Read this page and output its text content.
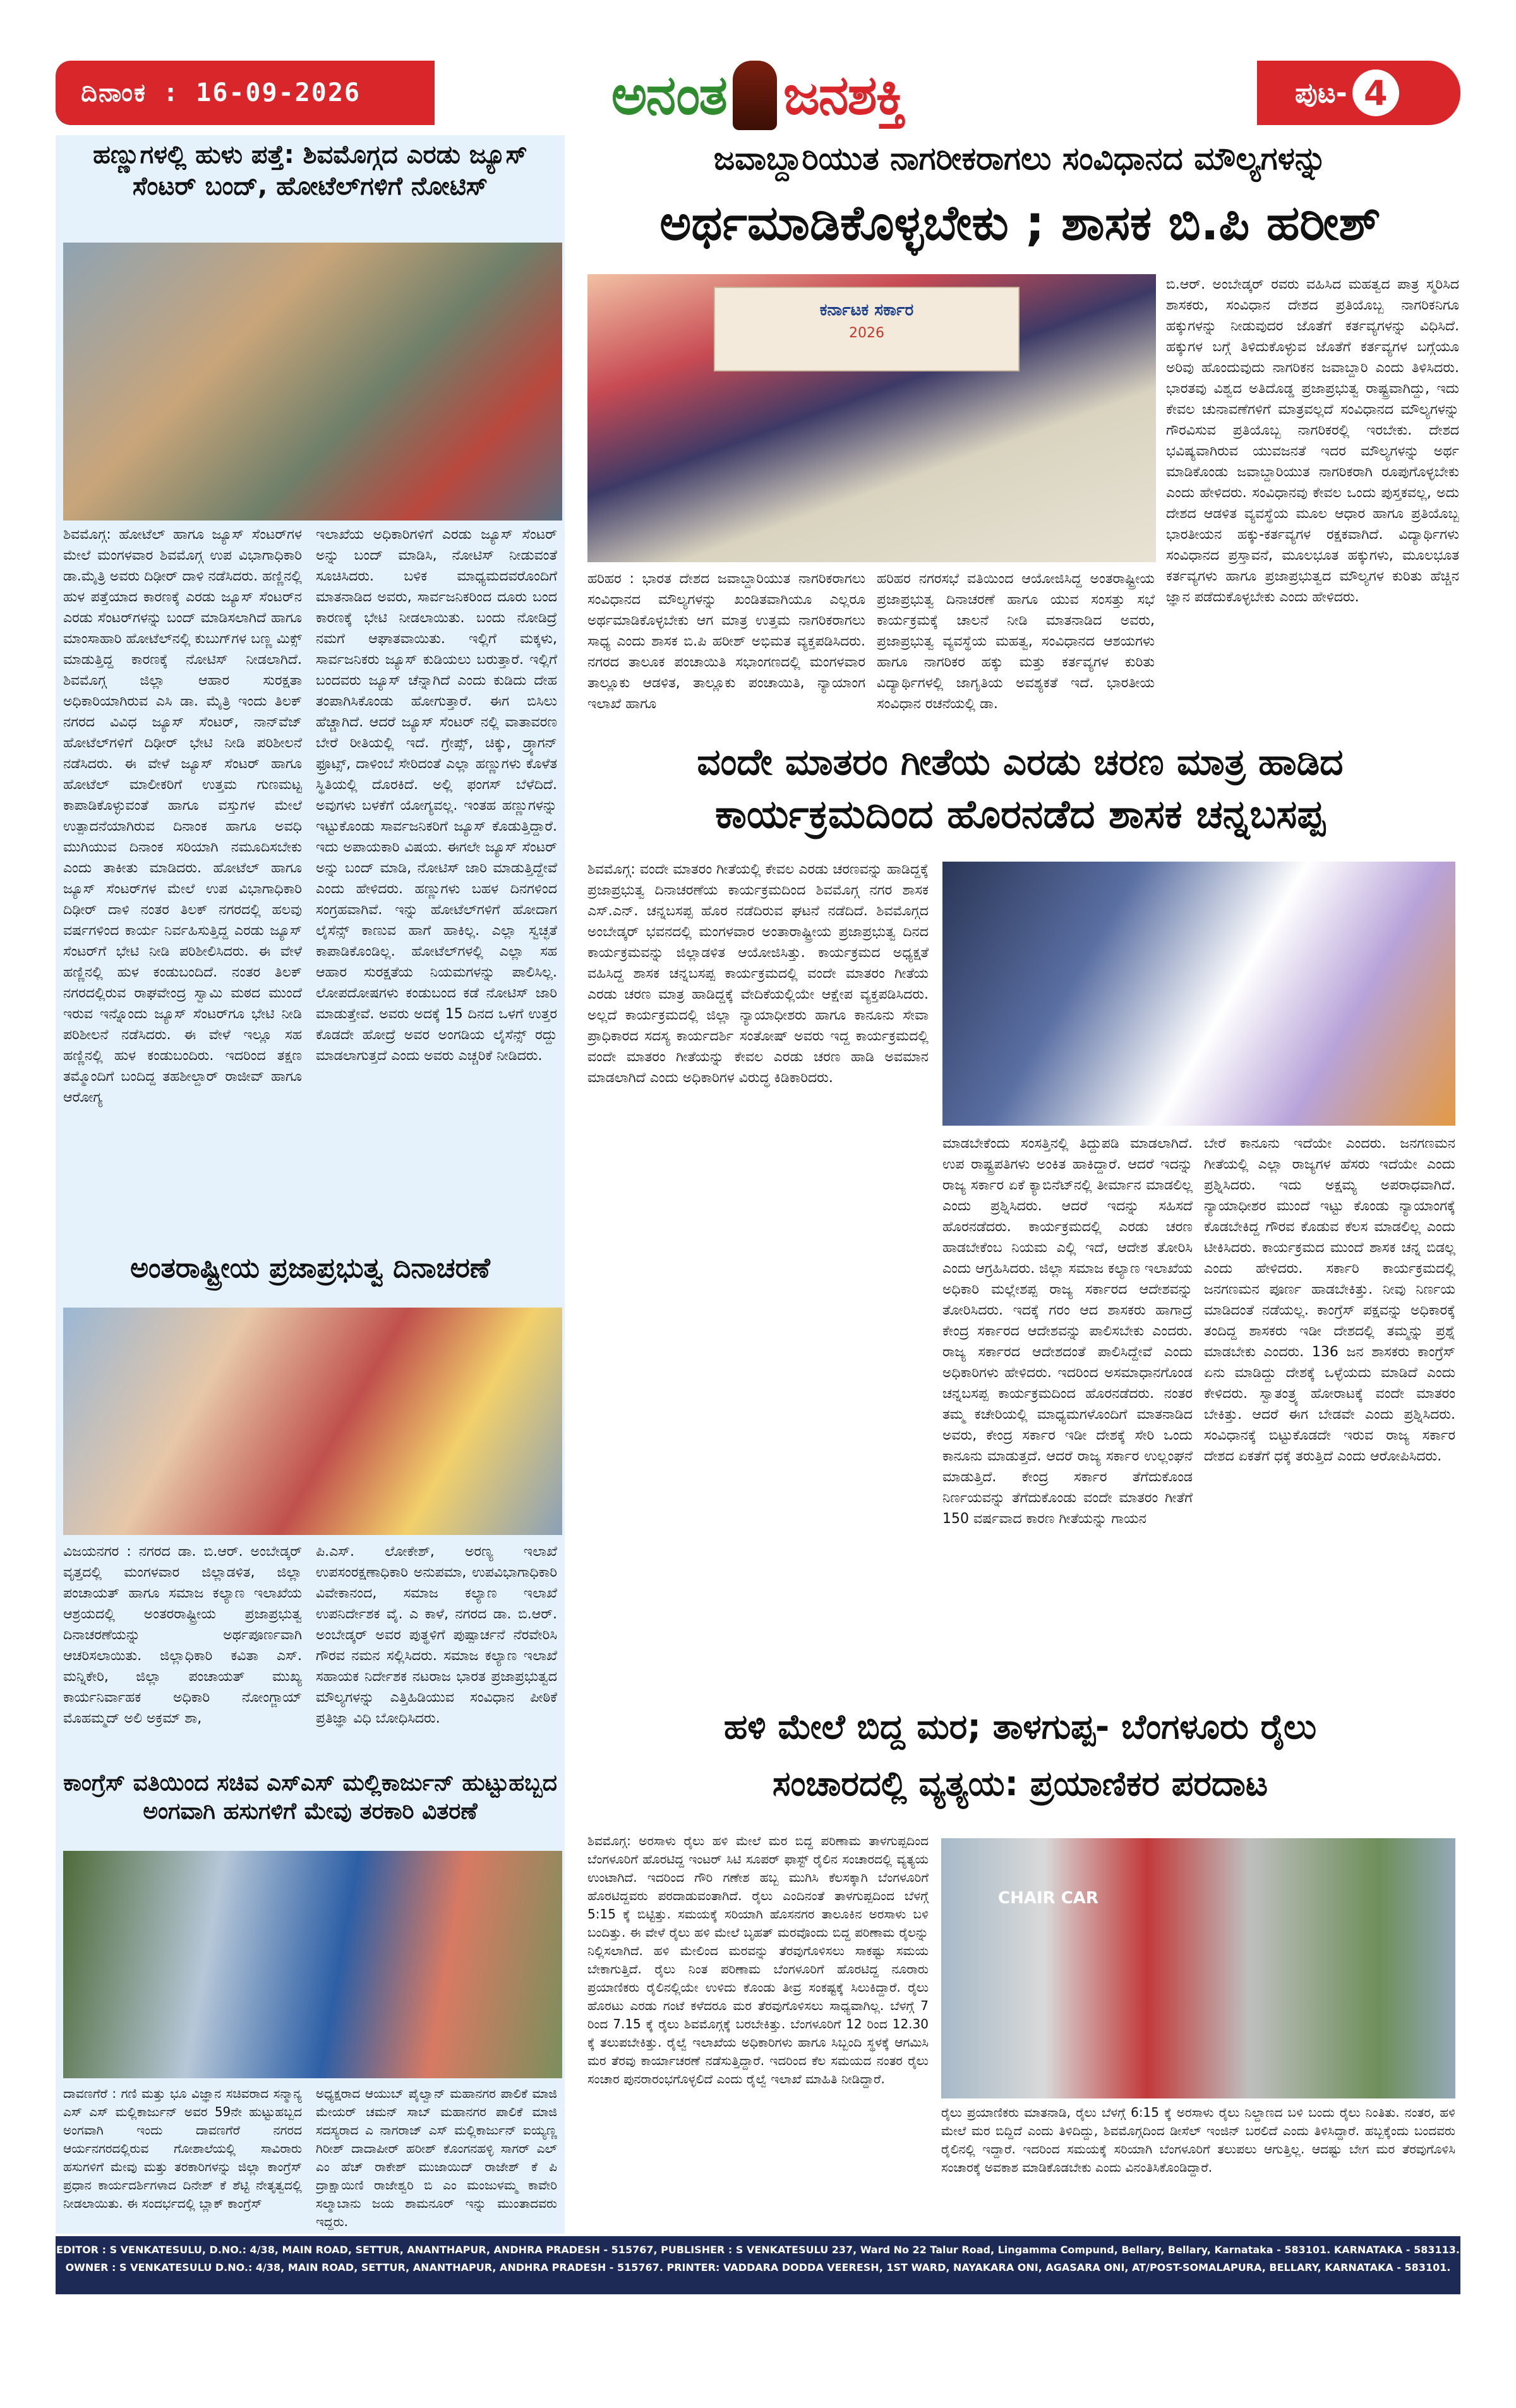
ದಿನಾಂಕ : 16-09-2026	ಅನಂತ ಜನಶಕ್ತಿ	ಪುಟ- 4
ಹಣ್ಣುಗಳಲ್ಲಿ ಹುಳು ಪತ್ತೆ: ಶಿವಮೊಗ್ಗದ ಎರಡು ಜ್ಯೂಸ್ ಸೆಂಟರ್ ಬಂದ್, ಹೋಟೆಲ್‌ಗಳಿಗೆ ನೋಟಿಸ್
ಶಿವಮೊಗ್ಗ: ಹೋಟೆಲ್ ಹಾಗೂ ಜ್ಯೂಸ್ ಸೆಂಟರ್‌ಗಳ ಮೇಲೆ ಮಂಗಳವಾರ ಶಿವಮೊಗ್ಗ ಉಪ ವಿಭಾಗಾಧಿಕಾರಿ ಡಾ.ಮೈತ್ರಿ ಅವರು ದಿಢೀರ್ ದಾಳಿ ನಡೆಸಿದರು. ಹಣ್ಣಿನಲ್ಲಿ ಹುಳ ಪತ್ತೆಯಾದ ಕಾರಣಕ್ಕೆ ಎರಡು ಜ್ಯೂಸ್ ಸೆಂಟರ್‌ನ ಎರಡು ಸೆಂಟರ್‌ಗಳನ್ನು ಬಂದ್ ಮಾಡಿಸಲಾಗಿದೆ ಹಾಗೂ ಮಾಂಸಾಹಾರಿ ಹೋಟೆಲ್‌ನಲ್ಲಿ ಕುಬುಗ್‌ಗಳ ಬಣ್ಣ ಮಿಕ್ಸ್ ಮಾಡುತ್ತಿದ್ದ ಕಾರಣಕ್ಕೆ ನೋಟಿಸ್ ನೀಡಲಾಗಿದೆ. ಶಿವಮೊಗ್ಗ ಜಿಲ್ಲಾ ಆಹಾರ ಸುರಕ್ಷತಾ ಅಧಿಕಾರಿಯಾಗಿರುವ ಎಸಿ ಡಾ. ಮೈತ್ರಿ ಇಂದು ತಿಲಕ್ ನಗರದ ವಿವಿಧ ಜ್ಯೂಸ್ ಸೆಂಟರ್, ನಾನ್‌ವೆಜ್ ಹೋಟೆಲ್‌ಗಳಿಗೆ ದಿಢೀರ್ ಭೇಟಿ ನೀಡಿ ಪರಿಶೀಲನೆ ನಡೆಸಿದರು. ಈ ವೇಳೆ ಜ್ಯೂಸ್ ಸೆಂಟರ್ ಹಾಗೂ ಹೋಟೆಲ್ ಮಾಲೀಕರಿಗೆ ಉತ್ತಮ ಗುಣಮಟ್ಟ ಕಾಪಾಡಿಕೊಳ್ಳುವಂತೆ ಹಾಗೂ ವಸ್ತುಗಳ ಮೇಲೆ ಉತ್ಪಾದನೆಯಾಗಿರುವ ದಿನಾಂಕ ಹಾಗೂ ಅವಧಿ ಮುಗಿಯುವ ದಿನಾಂಕ ಸರಿಯಾಗಿ ನಮೂದಿಸಬೇಕು ಎಂದು ತಾಕೀತು ಮಾಡಿದರು. ಹೋಟೆಲ್ ಹಾಗೂ ಜ್ಯೂಸ್ ಸೆಂಟರ್‌ಗಳ ಮೇಲೆ ಉಪ ವಿಭಾಗಾಧಿಕಾರಿ ದಿಢೀರ್ ದಾಳಿ ನಂತರ ತಿಲಕ್ ನಗರದಲ್ಲಿ ಹಲವು ವರ್ಷಗಳಿಂದ ಕಾರ್ಯ ನಿರ್ವಹಿಸುತ್ತಿದ್ದ ಎರಡು ಜ್ಯೂಸ್ ಸೆಂಟರ್‌ಗೆ ಭೇಟಿ ನೀಡಿ ಪರಿಶೀಲಿಸಿದರು. ಈ ವೇಳೆ ಹಣ್ಣಿನಲ್ಲಿ ಹುಳ ಕಂಡುಬಂದಿದೆ. ನಂತರ ತಿಲಕ್ ನಗರದಲ್ಲಿರುವ ರಾಘವೇಂದ್ರ ಸ್ವಾಮಿ ಮಠದ ಮುಂದೆ ಇರುವ ಇನ್ನೊಂದು ಜ್ಯೂಸ್ ಸೆಂಟರ್‌ಗೂ ಭೇಟಿ ನೀಡಿ ಪರಿಶೀಲನೆ ನಡೆಸಿದರು. ಈ ವೇಳೆ ಇಲ್ಲೂ ಸಹ ಹಣ್ಣಿನಲ್ಲಿ ಹುಳ ಕಂಡುಬಂದಿರು. ಇದರಿಂದ ತಕ್ಷಣ ತಮ್ಮೊಂದಿಗೆ ಬಂದಿದ್ದ ತಹಶೀಲ್ದಾರ್ ರಾಜೀವ್ ಹಾಗೂ ಆರೋಗ್ಯ
ಇಲಾಖೆಯ ಅಧಿಕಾರಿಗಳಿಗೆ ಎರಡು ಜ್ಯೂಸ್ ಸೆಂಟರ್ ಅನ್ನು ಬಂದ್ ಮಾಡಿಸಿ, ನೋಟಿಸ್ ನೀಡುವಂತೆ ಸೂಚಿಸಿದರು. ಬಳಿಕ ಮಾಧ್ಯಮದವರೊಂದಿಗೆ ಮಾತನಾಡಿದ ಅವರು, ಸಾರ್ವಜನಿಕರಿಂದ ದೂರು ಬಂದ ಕಾರಣಕ್ಕೆ ಭೇಟಿ ನೀಡಲಾಯಿತು. ಬಂದು ನೋಡಿದ್ರೆ ನಮಗೆ ಆಘಾತವಾಯಿತು. ಇಲ್ಲಿಗೆ ಮಕ್ಕಳು, ಸಾರ್ವಜನಿಕರು ಜ್ಯೂಸ್ ಕುಡಿಯಲು ಬರುತ್ತಾರೆ. ಇಲ್ಲಿಗೆ ಬಂದವರು ಜ್ಯೂಸ್ ಚೆನ್ನಾಗಿದೆ ಎಂದು ಕುಡಿದು ದೇಹ ತಂಪಾಗಿಸಿಕೊಂಡು ಹೋಗುತ್ತಾರೆ. ಈಗ ಬಿಸಿಲು ಹೆಚ್ಚಾಗಿದೆ. ಆದರೆ ಜ್ಯೂಸ್ ಸೆಂಟರ್ ನಲ್ಲಿ ವಾತಾವರಣ ಬೇರೆ ರೀತಿಯಲ್ಲಿ ಇದೆ. ಗ್ರೇಪ್ಸ್, ಚಿಕ್ಕು, ಡ್ರ್ಯಾಗನ್ ಫ್ರೂಟ್ಸ್, ದಾಳಿಂಬೆ ಸೇರಿದಂತೆ ಎಲ್ಲಾ ಹಣ್ಣುಗಳು ಕೊಳೆತ ಸ್ಥಿತಿಯಲ್ಲಿ ದೊರಕಿದೆ. ಅಲ್ಲಿ ಫಂಗಸ್ ಬೆಳೆದಿದೆ. ಅವುಗಳು ಬಳಕೆಗೆ ಯೋಗ್ಯವಲ್ಲ. ಇಂತಹ ಹಣ್ಣುಗಳನ್ನು ಇಟ್ಟುಕೊಂಡು ಸಾರ್ವಜನಿಕರಿಗೆ ಜ್ಯೂಸ್ ಕೊಡುತ್ತಿದ್ದಾರೆ. ಇದು ಅಪಾಯಕಾರಿ ವಿಷಯ. ಈಗಲೇ ಜ್ಯೂಸ್ ಸೆಂಟರ್ ಅನ್ನು ಬಂದ್ ಮಾಡಿ, ನೋಟಿಸ್ ಜಾರಿ ಮಾಡುತ್ತಿದ್ದೇವೆ ಎಂದು ಹೇಳಿದರು. ಹಣ್ಣುಗಳು ಬಹಳ ದಿನಗಳಿಂದ ಸಂಗ್ರಹವಾಗಿವೆ. ಇನ್ನು ಹೋಟೆಲ್‌ಗಳಿಗೆ ಹೋದಾಗ ಲೈಸೆನ್ಸ್ ಕಾಣುವ ಹಾಗೆ ಹಾಕಿಲ್ಲ. ಎಲ್ಲಾ ಸ್ವಚ್ಛತೆ ಕಾಪಾಡಿಕೊಂಡಿಲ್ಲ. ಹೋಟೆಲ್‌ಗಳಲ್ಲಿ ಎಲ್ಲಾ ಸಹ ಆಹಾರ ಸುರಕ್ಷತೆಯ ನಿಯಮಗಳನ್ನು ಪಾಲಿಸಿಲ್ಲ. ಲೋಪದೋಷಗಳು ಕಂಡುಬಂದ ಕಡೆ ನೋಟಿಸ್ ಜಾರಿ ಮಾಡುತ್ತೇವೆ. ಅವರು ಅದಕ್ಕೆ 15 ದಿನದ ಒಳಗೆ ಉತ್ತರ ಕೊಡದೇ ಹೋದ್ರೆ ಅವರ ಅಂಗಡಿಯ ಲೈಸೆನ್ಸ್ ರದ್ದು ಮಾಡಲಾಗುತ್ತದೆ ಎಂದು ಅವರು ಎಚ್ಚರಿಕೆ ನೀಡಿದರು.
ಅಂತರಾಷ್ಟ್ರೀಯ ಪ್ರಜಾಪ್ರಭುತ್ವ ದಿನಾಚರಣೆ
ವಿಜಯನಗರ : ನಗರದ ಡಾ. ಬಿ.ಆರ್. ಅಂಬೇಡ್ಕರ್ ವೃತ್ತದಲ್ಲಿ ಮಂಗಳವಾರ ಜಿಲ್ಲಾಡಳಿತ, ಜಿಲ್ಲಾ ಪಂಚಾಯತ್ ಹಾಗೂ ಸಮಾಜ ಕಲ್ಯಾಣ ಇಲಾಖೆಯ ಆಶ್ರಯದಲ್ಲಿ ಅಂತರರಾಷ್ಟ್ರೀಯ ಪ್ರಜಾಪ್ರಭುತ್ವ ದಿನಾಚರಣೆಯನ್ನು ಅರ್ಥಪೂರ್ಣವಾಗಿ ಆಚರಿಸಲಾಯಿತು. ಜಿಲ್ಲಾಧಿಕಾರಿ ಕವಿತಾ ಎಸ್. ಮನ್ನಿಕೇರಿ, ಜಿಲ್ಲಾ ಪಂಚಾಯತ್ ಮುಖ್ಯ ಕಾರ್ಯನಿರ್ವಾಹಕ ಅಧಿಕಾರಿ ನೋಂಗ್ಜಾಯ್ ಮೊಹಮ್ಮದ್ ಅಲಿ ಅಕ್ರಮ್ ಶಾ,
ಪಿ.ಎಸ್. ಲೋಕೇಶ್, ಅರಣ್ಯ ಇಲಾಖೆ ಉಪಸಂರಕ್ಷಣಾಧಿಕಾರಿ ಅನುಪಮಾ, ಉಪವಿಭಾಗಾಧಿಕಾರಿ ವಿವೇಕಾನಂದ, ಸಮಾಜ ಕಲ್ಯಾಣ ಇಲಾಖೆ ಉಪನಿರ್ದೇಶಕ ವೈ. ಎ ಕಾಳೆ, ನಗರದ ಡಾ. ಬಿ.ಆರ್. ಅಂಬೇಡ್ಕರ್ ಅವರ ಪುತ್ಥಳಿಗೆ ಪುಷ್ಪಾರ್ಚನೆ ನೆರವೇರಿಸಿ ಗೌರವ ನಮನ ಸಲ್ಲಿಸಿದರು. ಸಮಾಜ ಕಲ್ಯಾಣ ಇಲಾಖೆ ಸಹಾಯಕ ನಿರ್ದೇಶಕ ನಟರಾಜ ಭಾರತ ಪ್ರಜಾಪ್ರಭುತ್ವದ ಮೌಲ್ಯಗಳನ್ನು ಎತ್ತಿಹಿಡಿಯುವ ಸಂವಿಧಾನ ಪೀಠಿಕೆ ಪ್ರತಿಜ್ಞಾ ವಿಧಿ ಬೋಧಿಸಿದರು.
ಕಾಂಗ್ರೆಸ್ ವತಿಯಿಂದ ಸಚಿವ ಎಸ್‌ಎಸ್ ಮಲ್ಲಿಕಾರ್ಜುನ್ ಹುಟ್ಟುಹಬ್ಬದ ಅಂಗವಾಗಿ ಹಸುಗಳಿಗೆ ಮೇವು ತರಕಾರಿ ವಿತರಣೆ
ದಾವಣಗೆರೆ : ಗಣಿ ಮತ್ತು ಭೂ ವಿಜ್ಞಾನ ಸಚಿವರಾದ ಸನ್ಮಾನ್ಯ ಎಸ್ ಎಸ್ ಮಲ್ಲಿಕಾರ್ಜುನ್ ಅವರ 59ನೇ ಹುಟ್ಟುಹಬ್ಬದ ಅಂಗವಾಗಿ ಇಂದು ದಾವಣಗೆರೆ ನಗರದ ಆರ್ಯನಗರದಲ್ಲಿರುವ ಗೋಶಾಲೆಯಲ್ಲಿ ಸಾವಿರಾರು ಹಸುಗಳಿಗೆ ಮೇವು ಮತ್ತು ತರಕಾರಿಗಳನ್ನು ಜಿಲ್ಲಾ ಕಾಂಗ್ರೆಸ್ ಪ್ರಧಾನ ಕಾರ್ಯದರ್ಶಿಗಳಾದ ದಿನೇಶ್ ಕೆ ಶೆಟ್ಟಿ ನೇತೃತ್ವದಲ್ಲಿ ನೀಡಲಾಯಿತು. ಈ ಸಂದರ್ಭದಲ್ಲಿ ಬ್ಲಾಕ್ ಕಾಂಗ್ರೆಸ್
ಅಧ್ಯಕ್ಷರಾದ ಆಯುಬ್ ಪೈಲ್ವಾನ್ ಮಹಾನಗರ ಪಾಲಿಕೆ ಮಾಜಿ ಮೇಯರ್ ಚಮನ್ ಸಾಬ್ ಮಹಾನಗರ ಪಾಲಿಕೆ ಮಾಜಿ ಸದಸ್ಯರಾದ ಎ ನಾಗರಾಜ್ ಎಸ್ ಮಲ್ಲಿಕಾರ್ಜುನ್ ಐಯ್ಯಣ್ಣ ಗಿರೀಶ್ ದಾದಾಪೀರ್ ಹರೀಶ್ ಕೊಂಗನಹಳ್ಳಿ ಸಾಗರ್ ಎಲ್ ಎಂ ಹೆಚ್ ರಾಕೇಶ್ ಮುಜಾಯಿದ್ ರಾಜೇಶ್ ಕೆ ಪಿ ದ್ರಾಕ್ಷಾಯಿಣಿ ರಾಜೇಶ್ವರಿ ಬಿ ಎಂ ಮಂಜುಳಮ್ಮ ಕಾವೇರಿ ಸಲ್ಮಾಬಾನು ಜಯ ಶಾಮನೂರ್ ಇನ್ನು ಮುಂತಾದವರು ಇದ್ದರು.
ಜವಾಬ್ದಾರಿಯುತ ನಾಗರೀಕರಾಗಲು ಸಂವಿಧಾನದ ಮೌಲ್ಯಗಳನ್ನು
ಅರ್ಥಮಾಡಿಕೊಳ್ಳಬೇಕು ; ಶಾಸಕ ಬಿ.ಪಿ ಹರೀಶ್
ಕರ್ನಾಟಕ ಸರ್ಕಾರ
2026
ಹರಿಹರ : ಭಾರತ ದೇಶದ ಜವಾಬ್ದಾರಿಯುತ ನಾಗರಿಕರಾಗಲು ಸಂವಿಧಾನದ ಮೌಲ್ಯಗಳನ್ನು ಖಂಡಿತವಾಗಿಯೂ ಎಲ್ಲರೂ ಅರ್ಥಮಾಡಿಕೊಳ್ಳಬೇಕು ಆಗ ಮಾತ್ರ ಉತ್ತಮ ನಾಗರಿಕರಾಗಲು ಸಾಧ್ಯ ಎಂದು ಶಾಸಕ ಬಿ.ಪಿ ಹರೀಶ್ ಅಭಿಮತ ವ್ಯಕ್ತಪಡಿಸಿದರು. ನಗರದ ತಾಲೂಕ ಪಂಚಾಯಿತಿ ಸಭಾಂಗಣದಲ್ಲಿ ಮಂಗಳವಾರ ತಾಲ್ಲೂಕು ಆಡಳಿತ, ತಾಲ್ಲೂಕು ಪಂಚಾಯಿತಿ, ನ್ಯಾಯಾಂಗ ಇಲಾಖೆ ಹಾಗೂ
ಹರಿಹರ ನಗರಸಭೆ ವತಿಯಿಂದ ಆಯೋಜಿಸಿದ್ದ ಅಂತರಾಷ್ಟ್ರೀಯ ಪ್ರಜಾಪ್ರಭುತ್ವ ದಿನಾಚರಣೆ ಹಾಗೂ ಯುವ ಸಂಸತ್ತು ಸಭೆ ಕಾರ್ಯಕ್ರಮಕ್ಕೆ ಚಾಲನೆ ನೀಡಿ ಮಾತನಾಡಿದ ಅವರು, ಪ್ರಜಾಪ್ರಭುತ್ವ ವ್ಯವಸ್ಥೆಯ ಮಹತ್ವ, ಸಂವಿಧಾನದ ಆಶಯಗಳು ಹಾಗೂ ನಾಗರಿಕರ ಹಕ್ಕು ಮತ್ತು ಕರ್ತವ್ಯಗಳ ಕುರಿತು ವಿದ್ಯಾರ್ಥಿಗಳಲ್ಲಿ ಜಾಗೃತಿಯ ಅವಶ್ಯಕತೆ ಇದೆ. ಭಾರತೀಯ ಸಂವಿಧಾನ ರಚನೆಯಲ್ಲಿ ಡಾ.
ಬಿ.ಆರ್. ಅಂಬೇಡ್ಕರ್ ರವರು ವಹಿಸಿದ ಮಹತ್ವದ ಪಾತ್ರ ಸ್ಮರಿಸಿದ ಶಾಸಕರು, ಸಂವಿಧಾನ ದೇಶದ ಪ್ರತಿಯೊಬ್ಬ ನಾಗರಿಕನಿಗೂ ಹಕ್ಕುಗಳನ್ನು ನೀಡುವುದರ ಜೊತೆಗೆ ಕರ್ತವ್ಯಗಳನ್ನು ವಿಧಿಸಿದೆ. ಹಕ್ಕುಗಳ ಬಗ್ಗೆ ತಿಳಿದುಕೊಳ್ಳುವ ಜೊತೆಗೆ ಕರ್ತವ್ಯಗಳ ಬಗ್ಗೆಯೂ ಅರಿವು ಹೊಂದುವುದು ನಾಗರಿಕನ ಜವಾಬ್ದಾರಿ ಎಂದು ತಿಳಿಸಿದರು. ಭಾರತವು ವಿಶ್ವದ ಅತಿದೊಡ್ಡ ಪ್ರಜಾಪ್ರಭುತ್ವ ರಾಷ್ಟ್ರವಾಗಿದ್ದು, ಇದು ಕೇವಲ ಚುನಾವಣೆಗಳಿಗೆ ಮಾತ್ರವಲ್ಲದೆ ಸಂವಿಧಾನದ ಮೌಲ್ಯಗಳನ್ನು ಗೌರವಿಸುವ ಪ್ರತಿಯೊಬ್ಬ ನಾಗರಿಕರಲ್ಲಿ ಇರಬೇಕು. ದೇಶದ ಭವಿಷ್ಯವಾಗಿರುವ ಯುವಜನತೆ ಇದರ ಮೌಲ್ಯಗಳನ್ನು ಅರ್ಥ ಮಾಡಿಕೊಂಡು ಜವಾಬ್ದಾರಿಯುತ ನಾಗರಿಕರಾಗಿ ರೂಪುಗೊಳ್ಳಬೇಕು ಎಂದು ಹೇಳಿದರು. ಸಂವಿಧಾನವು ಕೇವಲ ಒಂದು ಪುಸ್ತಕವಲ್ಲ, ಅದು ದೇಶದ ಆಡಳಿತ ವ್ಯವಸ್ಥೆಯ ಮೂಲ ಆಧಾರ ಹಾಗೂ ಪ್ರತಿಯೊಬ್ಬ ಭಾರತೀಯನ ಹಕ್ಕು-ಕರ್ತವ್ಯಗಳ ರಕ್ಷಕವಾಗಿದೆ. ವಿದ್ಯಾರ್ಥಿಗಳು ಸಂವಿಧಾನದ ಪ್ರಸ್ತಾವನೆ, ಮೂಲಭೂತ ಹಕ್ಕುಗಳು, ಮೂಲಭೂತ ಕರ್ತವ್ಯಗಳು ಹಾಗೂ ಪ್ರಜಾಪ್ರಭುತ್ವದ ಮೌಲ್ಯಗಳ ಕುರಿತು ಹೆಚ್ಚಿನ ಜ್ಞಾನ ಪಡೆದುಕೊಳ್ಳಬೇಕು ಎಂದು ಹೇಳಿದರು.
ವಂದೇ ಮಾತರಂ ಗೀತೆಯ ಎರಡು ಚರಣ ಮಾತ್ರ ಹಾಡಿದ
ಕಾರ್ಯಕ್ರಮದಿಂದ ಹೊರನಡೆದ ಶಾಸಕ ಚನ್ನಬಸಪ್ಪ
ಶಿವಮೊಗ್ಗ: ವಂದೇ ಮಾತರಂ ಗೀತೆಯಲ್ಲಿ ಕೇವಲ ಎರಡು ಚರಣವನ್ನು ಹಾಡಿದ್ದಕ್ಕೆ ಪ್ರಜಾಪ್ರಭುತ್ವ ದಿನಾಚರಣೆಯ ಕಾರ್ಯಕ್ರಮದಿಂದ ಶಿವಮೊಗ್ಗ ನಗರ ಶಾಸಕ ಎಸ್.ಎನ್. ಚನ್ನಬಸಪ್ಪ ಹೊರ ನಡೆದಿರುವ ಘಟನೆ ನಡೆದಿದೆ. ಶಿವಮೊಗ್ಗದ ಅಂಬೇಡ್ಕರ್ ಭವನದಲ್ಲಿ ಮಂಗಳವಾರ ಅಂತಾರಾಷ್ಟ್ರೀಯ ಪ್ರಜಾಪ್ರಭುತ್ವ ದಿನದ ಕಾರ್ಯಕ್ರಮವನ್ನು ಜಿಲ್ಲಾಡಳಿತ ಆಯೋಜಿಸಿತ್ತು. ಕಾರ್ಯಕ್ರಮದ ಅಧ್ಯಕ್ಷತೆ ವಹಿಸಿದ್ದ ಶಾಸಕ ಚನ್ನಬಸಪ್ಪ ಕಾರ್ಯಕ್ರಮದಲ್ಲಿ ವಂದೇ ಮಾತರಂ ಗೀತೆಯ ಎರಡು ಚರಣ ಮಾತ್ರ ಹಾಡಿದ್ದಕ್ಕೆ ವೇದಿಕೆಯಲ್ಲಿಯೇ ಆಕ್ಷೇಪ ವ್ಯಕ್ತಪಡಿಸಿದರು. ಅಲ್ಲದೆ ಕಾರ್ಯಕ್ರಮದಲ್ಲಿ ಜಿಲ್ಲಾ ನ್ಯಾಯಾಧೀಶರು ಹಾಗೂ ಕಾನೂನು ಸೇವಾ ಪ್ರಾಧಿಕಾರದ ಸದಸ್ಯ ಕಾರ್ಯದರ್ಶಿ ಸಂತೋಷ್ ಅವರು ಇದ್ದ ಕಾರ್ಯಕ್ರಮದಲ್ಲಿ ವಂದೇ ಮಾತರಂ ಗೀತೆಯನ್ನು ಕೇವಲ ಎರಡು ಚರಣ ಹಾಡಿ ಅವಮಾನ ಮಾಡಲಾಗಿದೆ ಎಂದು ಅಧಿಕಾರಿಗಳ ವಿರುದ್ಧ ಕಿಡಿಕಾರಿದರು.
ಮಾಡಬೇಕೆಂದು ಸಂಸತ್ತಿನಲ್ಲಿ ತಿದ್ದುಪಡಿ ಮಾಡಲಾಗಿದೆ. ಉಪ ರಾಷ್ಟ್ರಪತಿಗಳು ಅಂಕಿತ ಹಾಕಿದ್ದಾರೆ. ಆದರೆ ಇದನ್ನು ರಾಜ್ಯ ಸರ್ಕಾರ ಏಕೆ ಕ್ಯಾಬಿನೆಟ್‌ನಲ್ಲಿ ತೀರ್ಮಾನ ಮಾಡಲಿಲ್ಲ ಎಂದು ಪ್ರಶ್ನಿಸಿದರು. ಆದರೆ ಇದನ್ನು ಸಹಿಸದೆ ಹೊರನಡೆದರು. ಕಾರ್ಯಕ್ರಮದಲ್ಲಿ ಎರಡು ಚರಣ ಹಾಡಬೇಕೆಂಬ ನಿಯಮ ಎಲ್ಲಿ ಇದೆ, ಆದೇಶ ತೋರಿಸಿ ಎಂದು ಆಗ್ರಹಿಸಿದರು. ಜಿಲ್ಲಾ ಸಮಾಜ ಕಲ್ಯಾಣ ಇಲಾಖೆಯ ಅಧಿಕಾರಿ ಮಲ್ಲೇಶಪ್ಪ ರಾಜ್ಯ ಸರ್ಕಾರದ ಆದೇಶವನ್ನು ತೋರಿಸಿದರು. ಇದಕ್ಕೆ ಗರಂ ಆದ ಶಾಸಕರು ಹಾಗಾದ್ರೆ ಕೇಂದ್ರ ಸರ್ಕಾರದ ಆದೇಶವನ್ನು ಪಾಲಿಸಬೇಕು ಎಂದರು. ರಾಜ್ಯ ಸರ್ಕಾರದ ಆದೇಶದಂತೆ ಪಾಲಿಸಿದ್ದೇವೆ ಎಂದು ಅಧಿಕಾರಿಗಳು ಹೇಳಿದರು. ಇದರಿಂದ ಅಸಮಾಧಾನಗೊಂಡ ಚನ್ನಬಸಪ್ಪ ಕಾರ್ಯಕ್ರಮದಿಂದ ಹೊರನಡೆದರು. ನಂತರ ತಮ್ಮ ಕಚೇರಿಯಲ್ಲಿ ಮಾಧ್ಯಮಗಳೊಂದಿಗೆ ಮಾತನಾಡಿದ ಅವರು, ಕೇಂದ್ರ ಸರ್ಕಾರ ಇಡೀ ದೇಶಕ್ಕೆ ಸೇರಿ ಒಂದು ಕಾನೂನು ಮಾಡುತ್ತದೆ. ಆದರೆ ರಾಜ್ಯ ಸರ್ಕಾರ ಉಲ್ಲಂಘನೆ ಮಾಡುತ್ತಿದೆ. ಕೇಂದ್ರ ಸರ್ಕಾರ ತೆಗೆದುಕೊಂಡ ನಿರ್ಣಯವನ್ನು ತೆಗೆದುಕೊಂಡು ವಂದೇ ಮಾತರಂ ಗೀತೆಗೆ 150 ವರ್ಷವಾದ ಕಾರಣ ಗೀತೆಯನ್ನು ಗಾಯನ
ಬೇರೆ ಕಾನೂನು ಇದೆಯೇ ಎಂದರು. ಜನಗಣಮನ ಗೀತೆಯಲ್ಲಿ ಎಲ್ಲಾ ರಾಜ್ಯಗಳ ಹೆಸರು ಇದೆಯೇ ಎಂದು ಪ್ರಶ್ನಿಸಿದರು. ಇದು ಅಕ್ಷಮ್ಯ ಅಪರಾಧವಾಗಿದೆ. ನ್ಯಾಯಾಧೀಶರ ಮುಂದೆ ಇಟ್ಟು ಕೊಂಡು ನ್ಯಾಯಾಂಗಕ್ಕೆ ಕೊಡಬೇಕಿದ್ದ ಗೌರವ ಕೊಡುವ ಕೆಲಸ ಮಾಡಲಿಲ್ಲ ಎಂದು ಟೀಕಿಸಿದರು. ಕಾರ್ಯಕ್ರಮದ ಮುಂದೆ ಶಾಸಕ ಚನ್ನ ಬಿಡಲ್ಲ ಎಂದು ಹೇಳಿದರು. ಸರ್ಕಾರಿ ಕಾರ್ಯಕ್ರಮದಲ್ಲಿ ಜನಗಣಮನ ಪೂರ್ಣ ಹಾಡಬೇಕಿತ್ತು. ನೀವು ನಿರ್ಣಯ ಮಾಡಿದಂತೆ ನಡೆಯಲ್ಲ. ಕಾಂಗ್ರೆಸ್ ಪಕ್ಷವನ್ನು ಅಧಿಕಾರಕ್ಕೆ ತಂದಿದ್ದ ಶಾಸಕರು ಇಡೀ ದೇಶದಲ್ಲಿ ತಮ್ಮನ್ನು ಪ್ರಶ್ನೆ ಮಾಡಬೇಕು ಎಂದರು. 136 ಜನ ಶಾಸಕರು ಕಾಂಗ್ರೆಸ್ ಏನು ಮಾಡಿದ್ದು ದೇಶಕ್ಕೆ ಒಳ್ಳೆಯದು ಮಾಡಿದೆ ಎಂದು ಕೇಳಿದರು. ಸ್ವಾತಂತ್ರ್ಯ ಹೋರಾಟಕ್ಕೆ ವಂದೇ ಮಾತರಂ ಬೇಕಿತ್ತು. ಆದರೆ ಈಗ ಬೇಡವೇ ಎಂದು ಪ್ರಶ್ನಿಸಿದರು. ಸಂವಿಧಾನಕ್ಕೆ ಬಿಟ್ಟುಕೊಡದೇ ಇರುವ ರಾಜ್ಯ ಸರ್ಕಾರ ದೇಶದ ಏಕತೆಗೆ ಧಕ್ಕೆ ತರುತ್ತಿದೆ ಎಂದು ಆರೋಪಿಸಿದರು.
ಹಳಿ ಮೇಲೆ ಬಿದ್ದ ಮರ; ತಾಳಗುಪ್ಪ- ಬೆಂಗಳೂರು ರೈಲು
ಸಂಚಾರದಲ್ಲಿ ವ್ಯತ್ಯಯ: ಪ್ರಯಾಣಿಕರ ಪರದಾಟ
ಶಿವಮೊಗ್ಗ: ಅರಸಾಳು ರೈಲು ಹಳಿ ಮೇಲೆ ಮರ ಬಿದ್ದ ಪರಿಣಾಮ ತಾಳಗುಪ್ಪದಿಂದ ಬೆಂಗಳೂರಿಗೆ ಹೊರಟಿದ್ದ ಇಂಟರ್ ಸಿಟಿ ಸೂಪರ್ ಫಾಸ್ಟ್ ರೈಲಿನ ಸಂಚಾರದಲ್ಲಿ ವ್ಯತ್ಯಯ ಉಂಟಾಗಿದೆ. ಇದರಿಂದ ಗೌರಿ ಗಣೇಶ ಹಬ್ಬ ಮುಗಿಸಿ ಕೆಲಸಕ್ಕಾಗಿ ಬೆಂಗಳೂರಿಗೆ ಹೊರಟಿದ್ದವರು ಪರದಾಡುವಂತಾಗಿದೆ. ರೈಲು ಎಂದಿನಂತೆ ತಾಳಗುಪ್ಪದಿಂದ ಬೆಳಗ್ಗೆ 5:15 ಕ್ಕೆ ಬಿಟ್ಟಿತ್ತು. ಸಮಯಕ್ಕೆ ಸರಿಯಾಗಿ ಹೊಸನಗರ ತಾಲೂಕಿನ ಅರಸಾಳು ಬಳಿ ಬಂದಿತ್ತು. ಈ ವೇಳೆ ರೈಲು ಹಳಿ ಮೇಲೆ ಬೃಹತ್ ಮರವೊಂದು ಬಿದ್ದ ಪರಿಣಾಮ ರೈಲನ್ನು ನಿಲ್ಲಿಸಲಾಗಿದೆ. ಹಳಿ ಮೇಲಿಂದ ಮರವನ್ನು ತೆರವುಗೊಳಿಸಲು ಸಾಕಷ್ಟು ಸಮಯ ಬೇಕಾಗುತ್ತಿದೆ. ರೈಲು ನಿಂತ ಪರಿಣಾಮ ಬೆಂಗಳೂರಿಗೆ ಹೊರಟಿದ್ದ ನೂರಾರು ಪ್ರಯಾಣಿಕರು ರೈಲಿನಲ್ಲಿಯೇ ಉಳಿದು ಕೊಂಡು ತೀವ್ರ ಸಂಕಷ್ಟಕ್ಕೆ ಸಿಲುಕಿದ್ದಾರೆ. ರೈಲು ಹೊರಟು ಎರಡು ಗಂಟೆ ಕಳೆದರೂ ಮರ ತೆರವುಗೊಳಿಸಲು ಸಾಧ್ಯವಾಗಿಲ್ಲ. ಬೆಳಗ್ಗೆ 7 ರಿಂದ 7.15 ಕ್ಕೆ ರೈಲು ಶಿವಮೊಗ್ಗಕ್ಕೆ ಬರಬೇಕಿತ್ತು. ಬೆಂಗಳೂರಿಗೆ 12 ರಿಂದ 12.30 ಕ್ಕೆ ತಲುಪಬೇಕಿತ್ತು. ರೈಲ್ವೆ ಇಲಾಖೆಯ ಅಧಿಕಾರಿಗಳು ಹಾಗೂ ಸಿಬ್ಬಂದಿ ಸ್ಥಳಕ್ಕೆ ಆಗಮಿಸಿ ಮರ ತೆರವು ಕಾರ್ಯಾಚರಣೆ ನಡೆಸುತ್ತಿದ್ದಾರೆ. ಇದರಿಂದ ಕೆಲ ಸಮಯದ ನಂತರ ರೈಲು ಸಂಚಾರ ಪುನರಾರಂಭಗೊಳ್ಳಲಿದೆ ಎಂದು ರೈಲ್ವೆ ಇಲಾಖೆ ಮಾಹಿತಿ ನೀಡಿದ್ದಾರೆ.
CHAIR CAR
ರೈಲು ಪ್ರಯಾಣಿಕರು ಮಾತನಾಡಿ, ರೈಲು ಬೆಳಗ್ಗೆ 6:15 ಕ್ಕೆ ಅರಸಾಳು ರೈಲು ನಿಲ್ದಾಣದ ಬಳಿ ಬಂದು ರೈಲು ನಿಂತಿತು. ನಂತರ, ಹಳಿ ಮೇಲೆ ಮರ ಬಿದ್ದಿದೆ ಎಂದು ತಿಳಿದಿದ್ದು, ಶಿವಮೊಗ್ಗದಿಂದ ಡೀಸೆಲ್ ಇಂಜಿನ್ ಬರಲಿದೆ ಎಂದು ತಿಳಿಸಿದ್ದಾರೆ. ಹಬ್ಬಕ್ಕೆಂದು ಬಂದವರು ರೈಲಿನಲ್ಲಿ ಇದ್ದಾರೆ. ಇದರಿಂದ ಸಮಯಕ್ಕೆ ಸರಿಯಾಗಿ ಬೆಂಗಳೂರಿಗೆ ತಲುಪಲು ಆಗುತ್ತಿಲ್ಲ. ಆದಷ್ಟು ಬೇಗ ಮರ ತೆರವುಗೊಳಿಸಿ ಸಂಚಾರಕ್ಕೆ ಅವಕಾಶ ಮಾಡಿಕೊಡಬೇಕು ಎಂದು ವಿನಂತಿಸಿಕೊಂಡಿದ್ದಾರೆ.
EDITOR : S VENKATESULU, D.NO.: 4/38, MAIN ROAD, SETTUR, ANANTHAPUR, ANDHRA PRADESH - 515767, PUBLISHER : S VENKATESULU 237, Ward No 22 Talur Road, Lingamma Compund, Bellary, Bellary, Karnataka - 583101. KARNATAKA - 583113.
OWNER : S VENKATESULU D.NO.: 4/38, MAIN ROAD, SETTUR, ANANTHAPUR, ANDHRA PRADESH - 515767. PRINTER: VADDARA DODDA VEERESH, 1ST WARD, NAYAKARA ONI, AGASARA ONI, AT/POST-SOMALAPURA, BELLARY, KARNATAKA - 583101.
